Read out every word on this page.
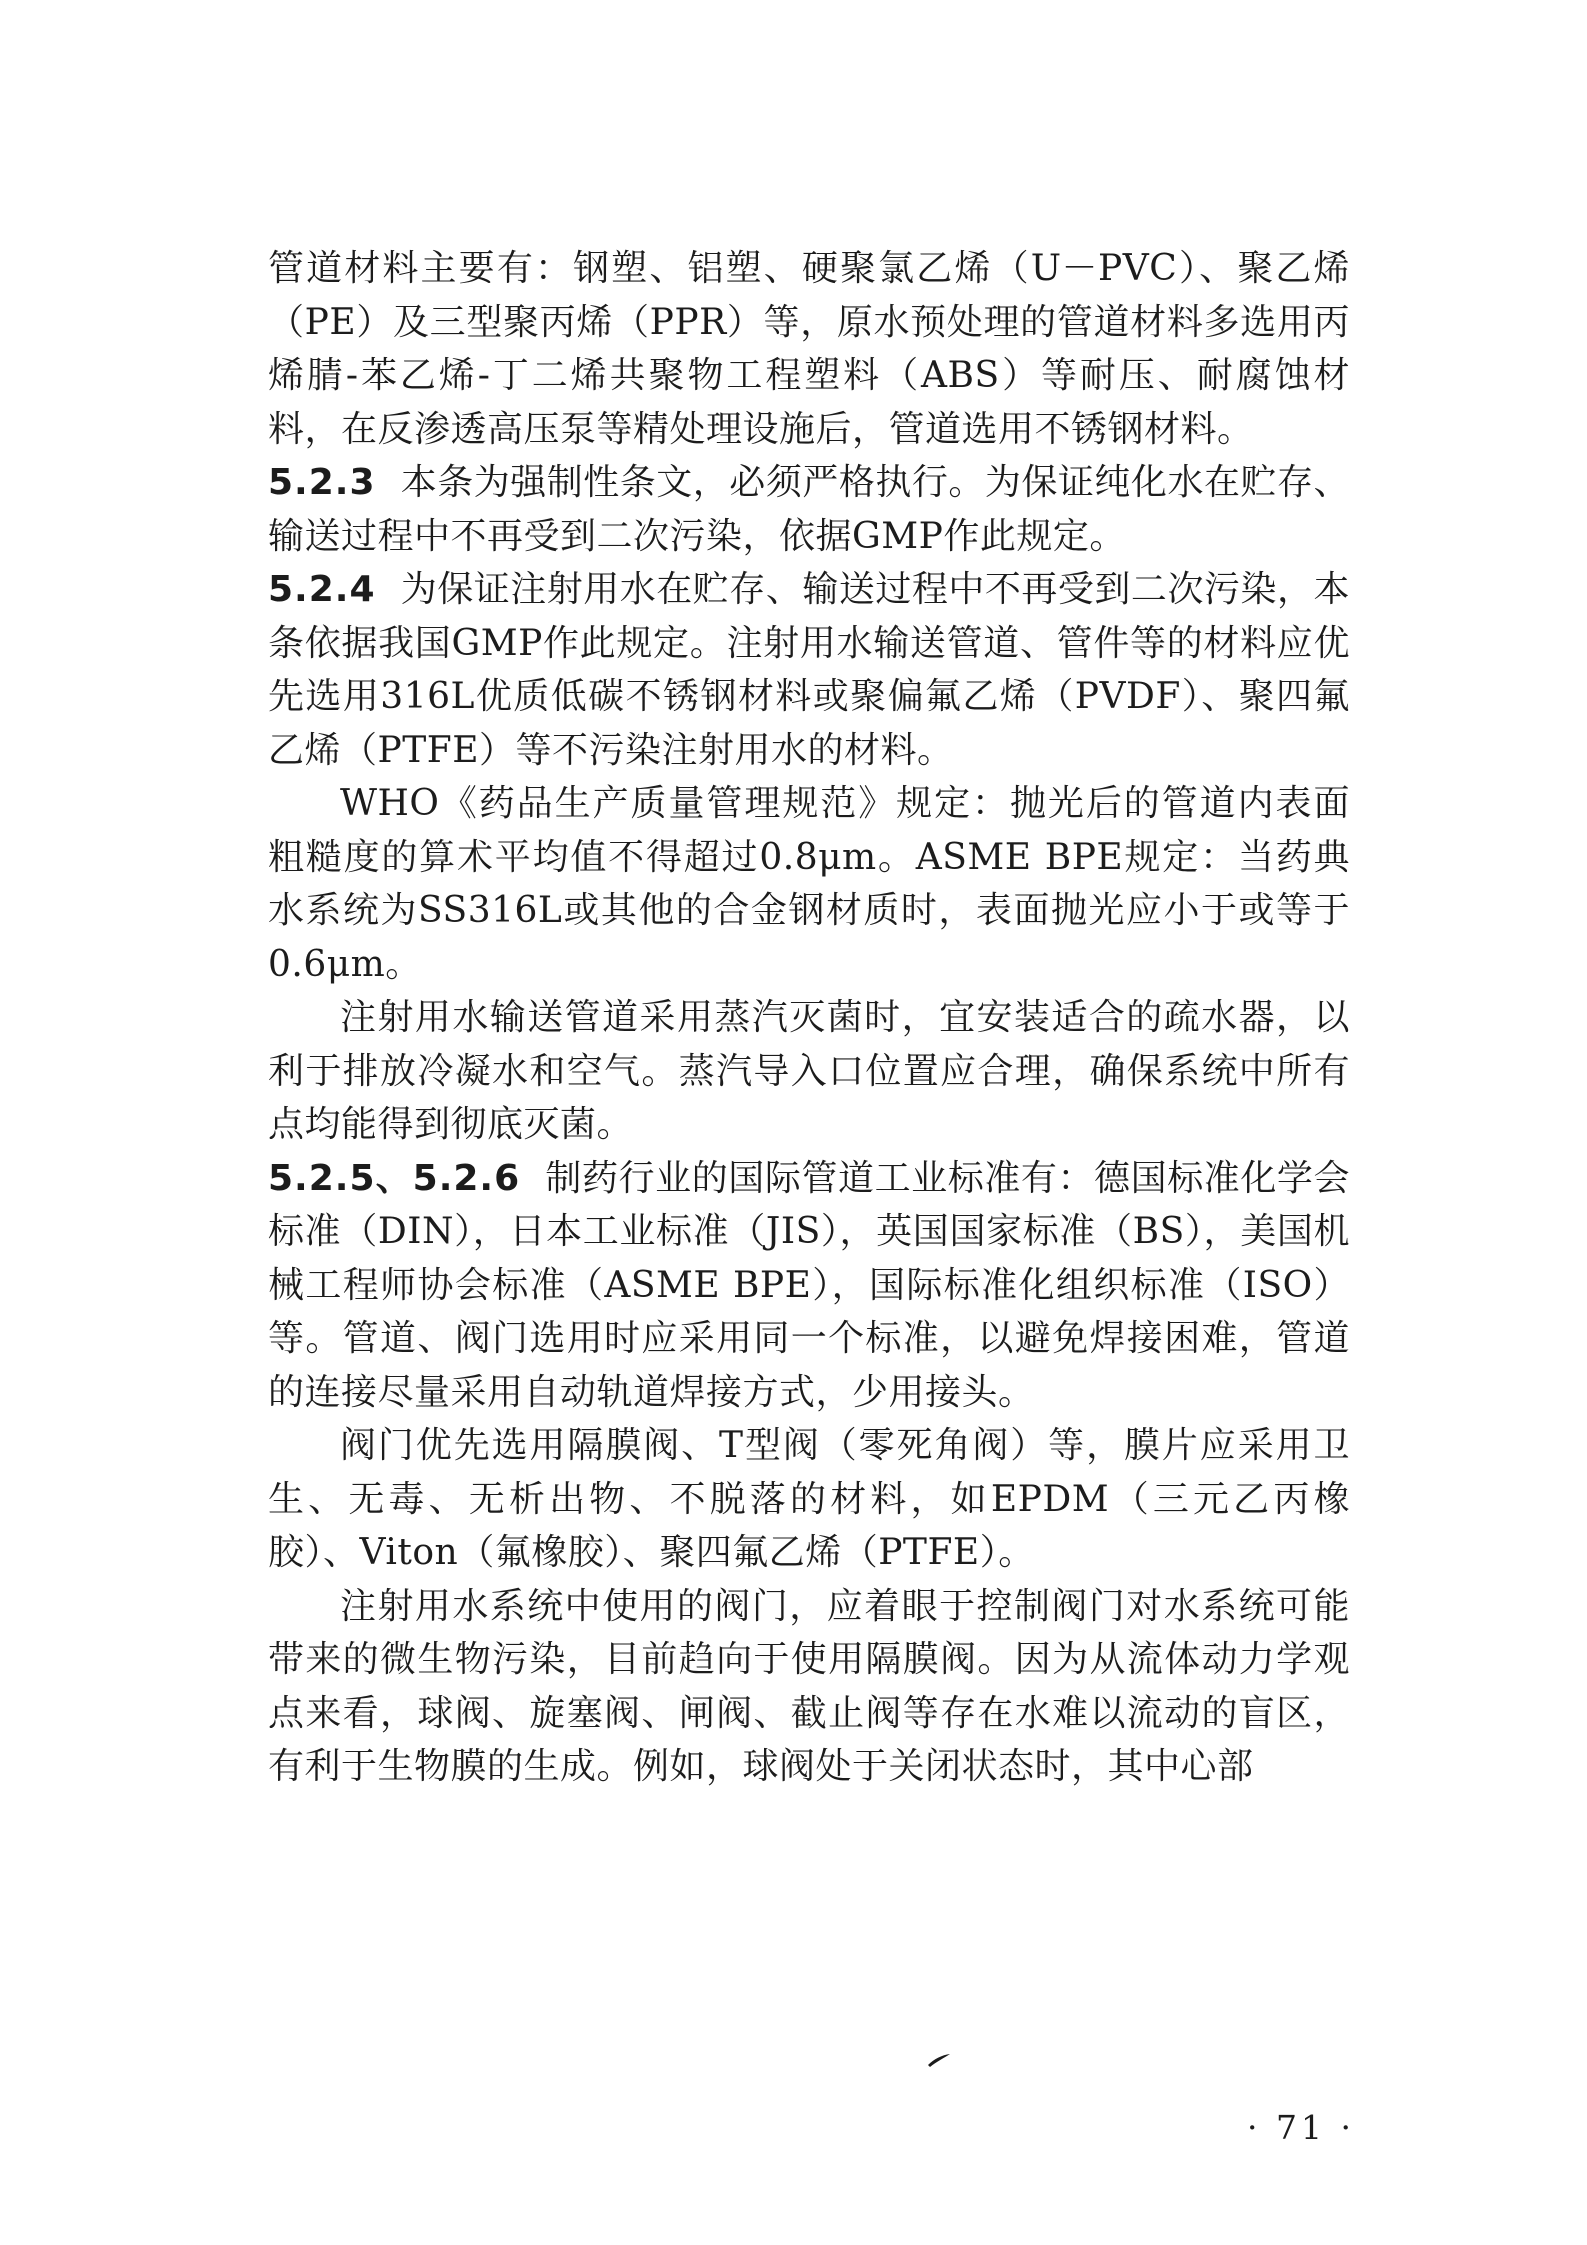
管道材料主要有：钢塑、铝塑、硬聚氯乙烯（U－PVC）、聚乙烯（PE）及三型聚丙烯（PPR）等，原水预处理的管道材料多选用丙烯腈-苯乙烯-丁二烯共聚物工程塑料（ABS）等耐压、耐腐蚀材料，在反渗透高压泵等精处理设施后，管道选用不锈钢材料。

5.2.3 本条为强制性条文，必须严格执行。为保证纯化水在贮存、输送过程中不再受到二次污染，依据GMP作此规定。

5.2.4 为保证注射用水在贮存、输送过程中不再受到二次污染，本条依据我国GMP作此规定。注射用水输送管道、管件等的材料应优先选用316L优质低碳不锈钢材料或聚偏氟乙烯（PVDF）、聚四氟乙烯（PTFE）等不污染注射用水的材料。

WHO《药品生产质量管理规范》规定：抛光后的管道内表面粗糙度的算术平均值不得超过0.8μm。ASME BPE规定：当药典水系统为SS316L或其他的合金钢材质时，表面抛光应小于或等于0.6μm。

注射用水输送管道采用蒸汽灭菌时，宜安装适合的疏水器，以利于排放冷凝水和空气。蒸汽导入口位置应合理，确保系统中所有点均能得到彻底灭菌。

5.2.5、5.2.6 制药行业的国际管道工业标准有：德国标准化学会标准（DIN），日本工业标准（JIS），英国国家标准（BS），美国机械工程师协会标准（ASME BPE），国际标准化组织标准（ISO）等。管道、阀门选用时应采用同一个标准，以避免焊接困难，管道的连接尽量采用自动轨道焊接方式，少用接头。

阀门优先选用隔膜阀、T型阀（零死角阀）等，膜片应采用卫生、无毒、无析出物、不脱落的材料，如EPDM（三元乙丙橡胶）、Viton（氟橡胶）、聚四氟乙烯（PTFE）。

注射用水系统中使用的阀门，应着眼于控制阀门对水系统可能带来的微生物污染，目前趋向于使用隔膜阀。因为从流体动力学观点来看，球阀、旋塞阀、闸阀、截止阀等存在水难以流动的盲区，有利于生物膜的生成。例如，球阀处于关闭状态时，其中心部

· 71 ·
